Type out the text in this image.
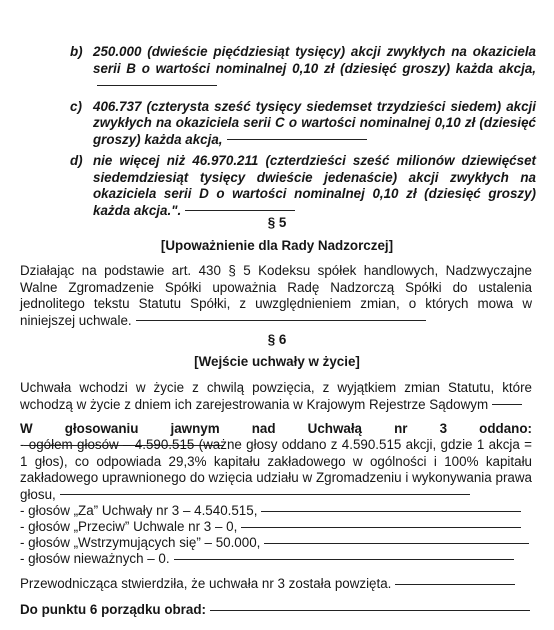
b) 250.000 (dwieście pięćdziesiąt tysięcy) akcji zwykłych na okaziciela serii B o wartości nominalnej 0,10 zł (dziesięć groszy) każda akcja,
c) 406.737 (czterysta sześć tysięcy siedemset trzydzieści siedem) akcji zwykłych na okaziciela serii C o wartości nominalnej 0,10 zł (dziesięć groszy) każda akcja,
d) nie więcej niż 46.970.211 (czterdzieści sześć milionów dziewięćset siedemdziesiąt tysięcy dwieście jedenaście) akcji zwykłych na okaziciela serii D o wartości nominalnej 0,10 zł (dziesięć groszy) każda akcja.".
§ 5
[Upoważnienie dla Rady Nadzorczej]
Działając na podstawie art. 430 § 5 Kodeksu spółek handlowych, Nadzwyczajne Walne Zgromadzenie Spółki upoważnia Radę Nadzorczą Spółki do ustalenia jednolitego tekstu Statutu Spółki, z uwzględnieniem zmian, o których mowa w niniejszej uchwale.
§ 6
[Wejście uchwały w życie]
Uchwała wchodzi w życie z chwilą powzięcia, z wyjątkiem zmian Statutu, które wchodzą w życie z dniem ich zarejestrowania w Krajowym Rejestrze Sądowym
W głosowaniu jawnym nad Uchwałą nr 3 oddano:
- ogółem głosów – 4.590.515 (ważne głosy oddano z 4.590.515 akcji, gdzie 1 akcja = 1 głos), co odpowiada 29,3% kapitału zakładowego w ogólności i 100% kapitału zakładowego uprawnionego do wzięcia udziału w Zgromadzeniu i wykonywania prawa głosu,
- głosów „Za” Uchwały nr 3 – 4.540.515,
- głosów „Przeciw” Uchwale nr 3 – 0,
- głosów „Wstrzymujących się” – 50.000,
- głosów nieważnych – 0.
Przewodnicząca stwierdziła, że uchwała nr 3 została powzięta.
Do punktu 6 porządku obrad:
